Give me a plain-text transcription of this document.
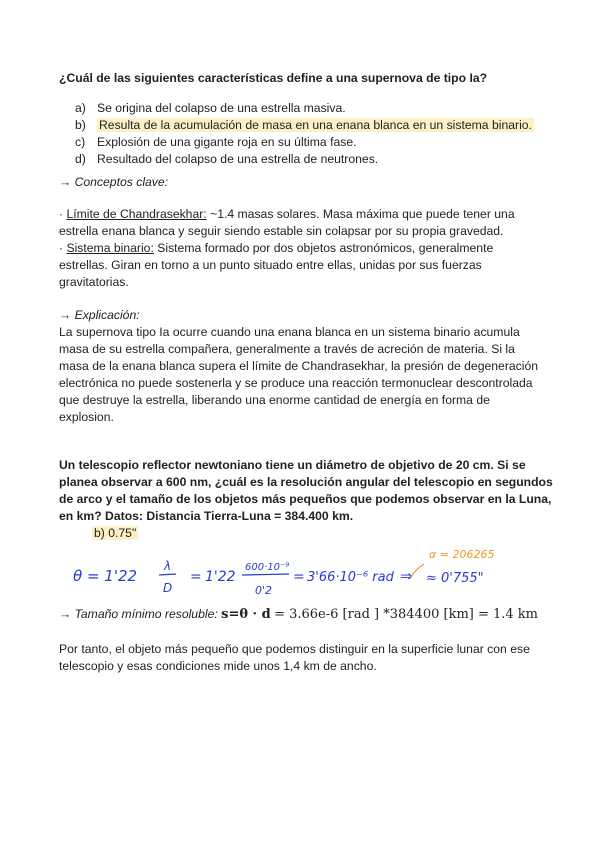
¿Cuál de las siguientes características define a una supernova de tipo Ia?
a) Se origina del colapso de una estrella masiva.
b) Resulta de la acumulación de masa en una enana blanca en un sistema binario.
c) Explosión de una gigante roja en su última fase.
d) Resultado del colapso de una estrella de neutrones.
→ Conceptos clave:
· Límite de Chandrasekhar: ~1.4 masas solares. Masa máxima que puede tener una
estrella enana blanca y seguir siendo estable sin colapsar por su propia gravedad.
· Sistema binario: Sistema formado por dos objetos astronómicos, generalmente
estrellas. Giran en torno a un punto situado entre ellas, unidas por sus fuerzas
gravitatorias.
→ Explicación:
La supernova tipo Ia ocurre cuando una enana blanca en un sistema binario acumula
masa de su estrella compañera, generalmente a través de acreción de materia. Si la
masa de la enana blanca supera el límite de Chandrasekhar, la presión de degeneración
electrónica no puede sostenerla y se produce una reacción termonuclear descontrolada
que destruye la estrella, liberando una enorme cantidad de energía en forma de
explosion.
Un telescopio reflector newtoniano tiene un diámetro de objetivo de 20 cm. Si se
planea observar a 600 nm, ¿cuál es la resolución angular del telescopio en segundos
de arco y el tamaño de los objetos más pequeños que podemos observar en la Luna,
en km? Datos: Distancia Tierra-Luna = 384.400 km.
b) 0.75"
θ = 1'22
λ
D
= 1'22
600·10⁻⁹
0'2
= 3'66·10⁻⁶ rad ⇒ ≈ 0'755"
α = 206265
→ Tamaño mínimo resoluble: s=θ · d = 3.66e-6 [rad ] *384400 [km] = 1.4 km
Por tanto, el objeto más pequeño que podemos distinguir en la superficie lunar con ese
telescopio y esas condiciones mide unos 1,4 km de ancho.
